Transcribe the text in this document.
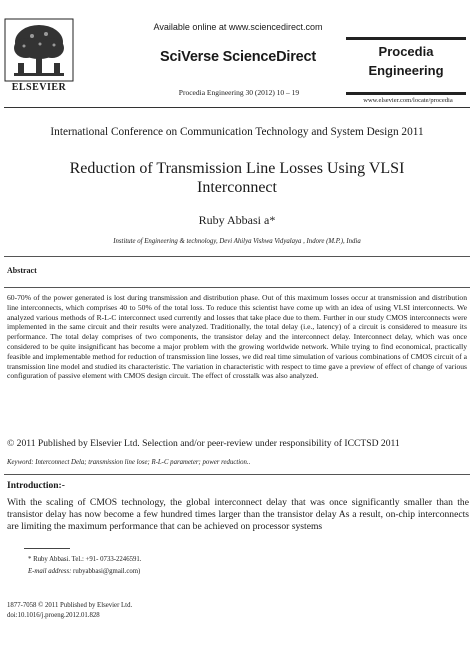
ELSEVIER
Available online at www.sciencedirect.com
SciVerse ScienceDirect
Procedia Engineering 30 (2012) 10 – 19
Procedia
Engineering
www.elsevier.com/locate/procedia
International Conference on Communication Technology and System Design 2011
Reduction of Transmission Line Losses Using VLSI
Interconnect
Ruby Abbasi a*
Institute of Engineering & technology, Devi Ahilya Vishwa Vidyalaya , Indore (M.P.), India
Abstract
60-70% of the power generated is lost during transmission and distribution phase. Out of this maximum losses occur at transmission and distribution line interconnects, which comprises 40 to 50% of the total loss. To reduce this scientist have come up with an idea of using VLSI interconnects. We analyzed various methods of R-L-C interconnect used currently and losses that take place due to them. Further in our study CMOS interconnects were implemented in the same circuit and their results were analyzed. Traditionally, the total delay (i.e., latency) of a circuit is considered to measure its performance. The total delay comprises of two components, the transistor delay and the interconnect delay. Interconnect delay, which was once considered to be quite insignificant has become a major problem with the growing worldwide network. While trying to find economical, practically feasible and implementable method for reduction of transmission line losses, we did real time simulation of various combinations of CMOS circuit of a transmission line model and studied its characteristic. The variation in characteristic with respect to time gave a preview of effect of change of various configuration of passive element with CMOS design circuit. The effect of crosstalk was also analyzed.
© 2011 Published by Elsevier Ltd. Selection and/or peer-review under responsibility of ICCTSD 2011
Keyword: Interconnect Dela; transmission line lose; R-L-C parameter; power reduction..
Introduction:-
With the scaling of CMOS technology, the global interconnect delay that was once significantly smaller than the transistor delay has now become a few hundred times larger than the transistor delay As a result, on-chip interconnects are limiting the maximum performance that can be achieved on processor systems
* Ruby Abbasi. Tel.: +91- 0733-2246591.
E-mail address: rubyabbasi@gmail.com)
1877-7058 © 2011 Published by Elsevier Ltd.
doi:10.1016/j.proeng.2012.01.828
